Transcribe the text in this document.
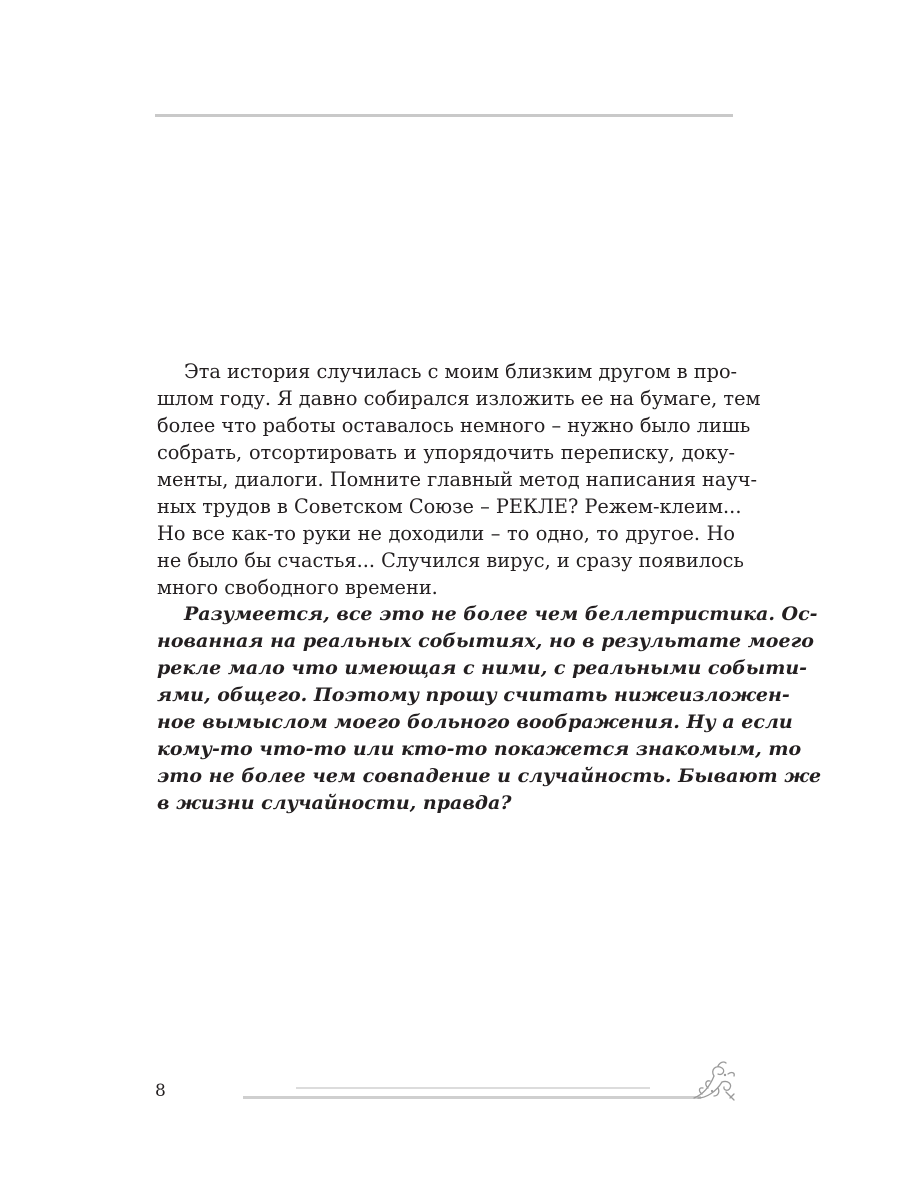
Эта история случилась с моим близким другом в про-
шлом году. Я давно собирался изложить ее на бумаге, тем
более что работы оставалось немного – нужно было лишь
собрать, отсортировать и упорядочить переписку, доку-
менты, диалоги. Помните главный метод написания науч-
ных трудов в Советском Союзе – РЕКЛЕ? Режем-клеим...
Но все как-то руки не доходили – то одно, то другое. Но
не было бы счастья... Случился вирус, и сразу появилось
много свободного времени.
Разумеется, все это не более чем беллетристика. Ос-
нованная на реальных событиях, но в результате моего
рекле мало что имеющая с ними, с реальными событи-
ями, общего. Поэтому прошу считать нижеизложен-
ное вымыслом моего больного воображения. Ну а если
кому-то что-то или кто-то покажется знакомым, то
это не более чем совпадение и случайность. Бывают же
в жизни случайности, правда?
8
